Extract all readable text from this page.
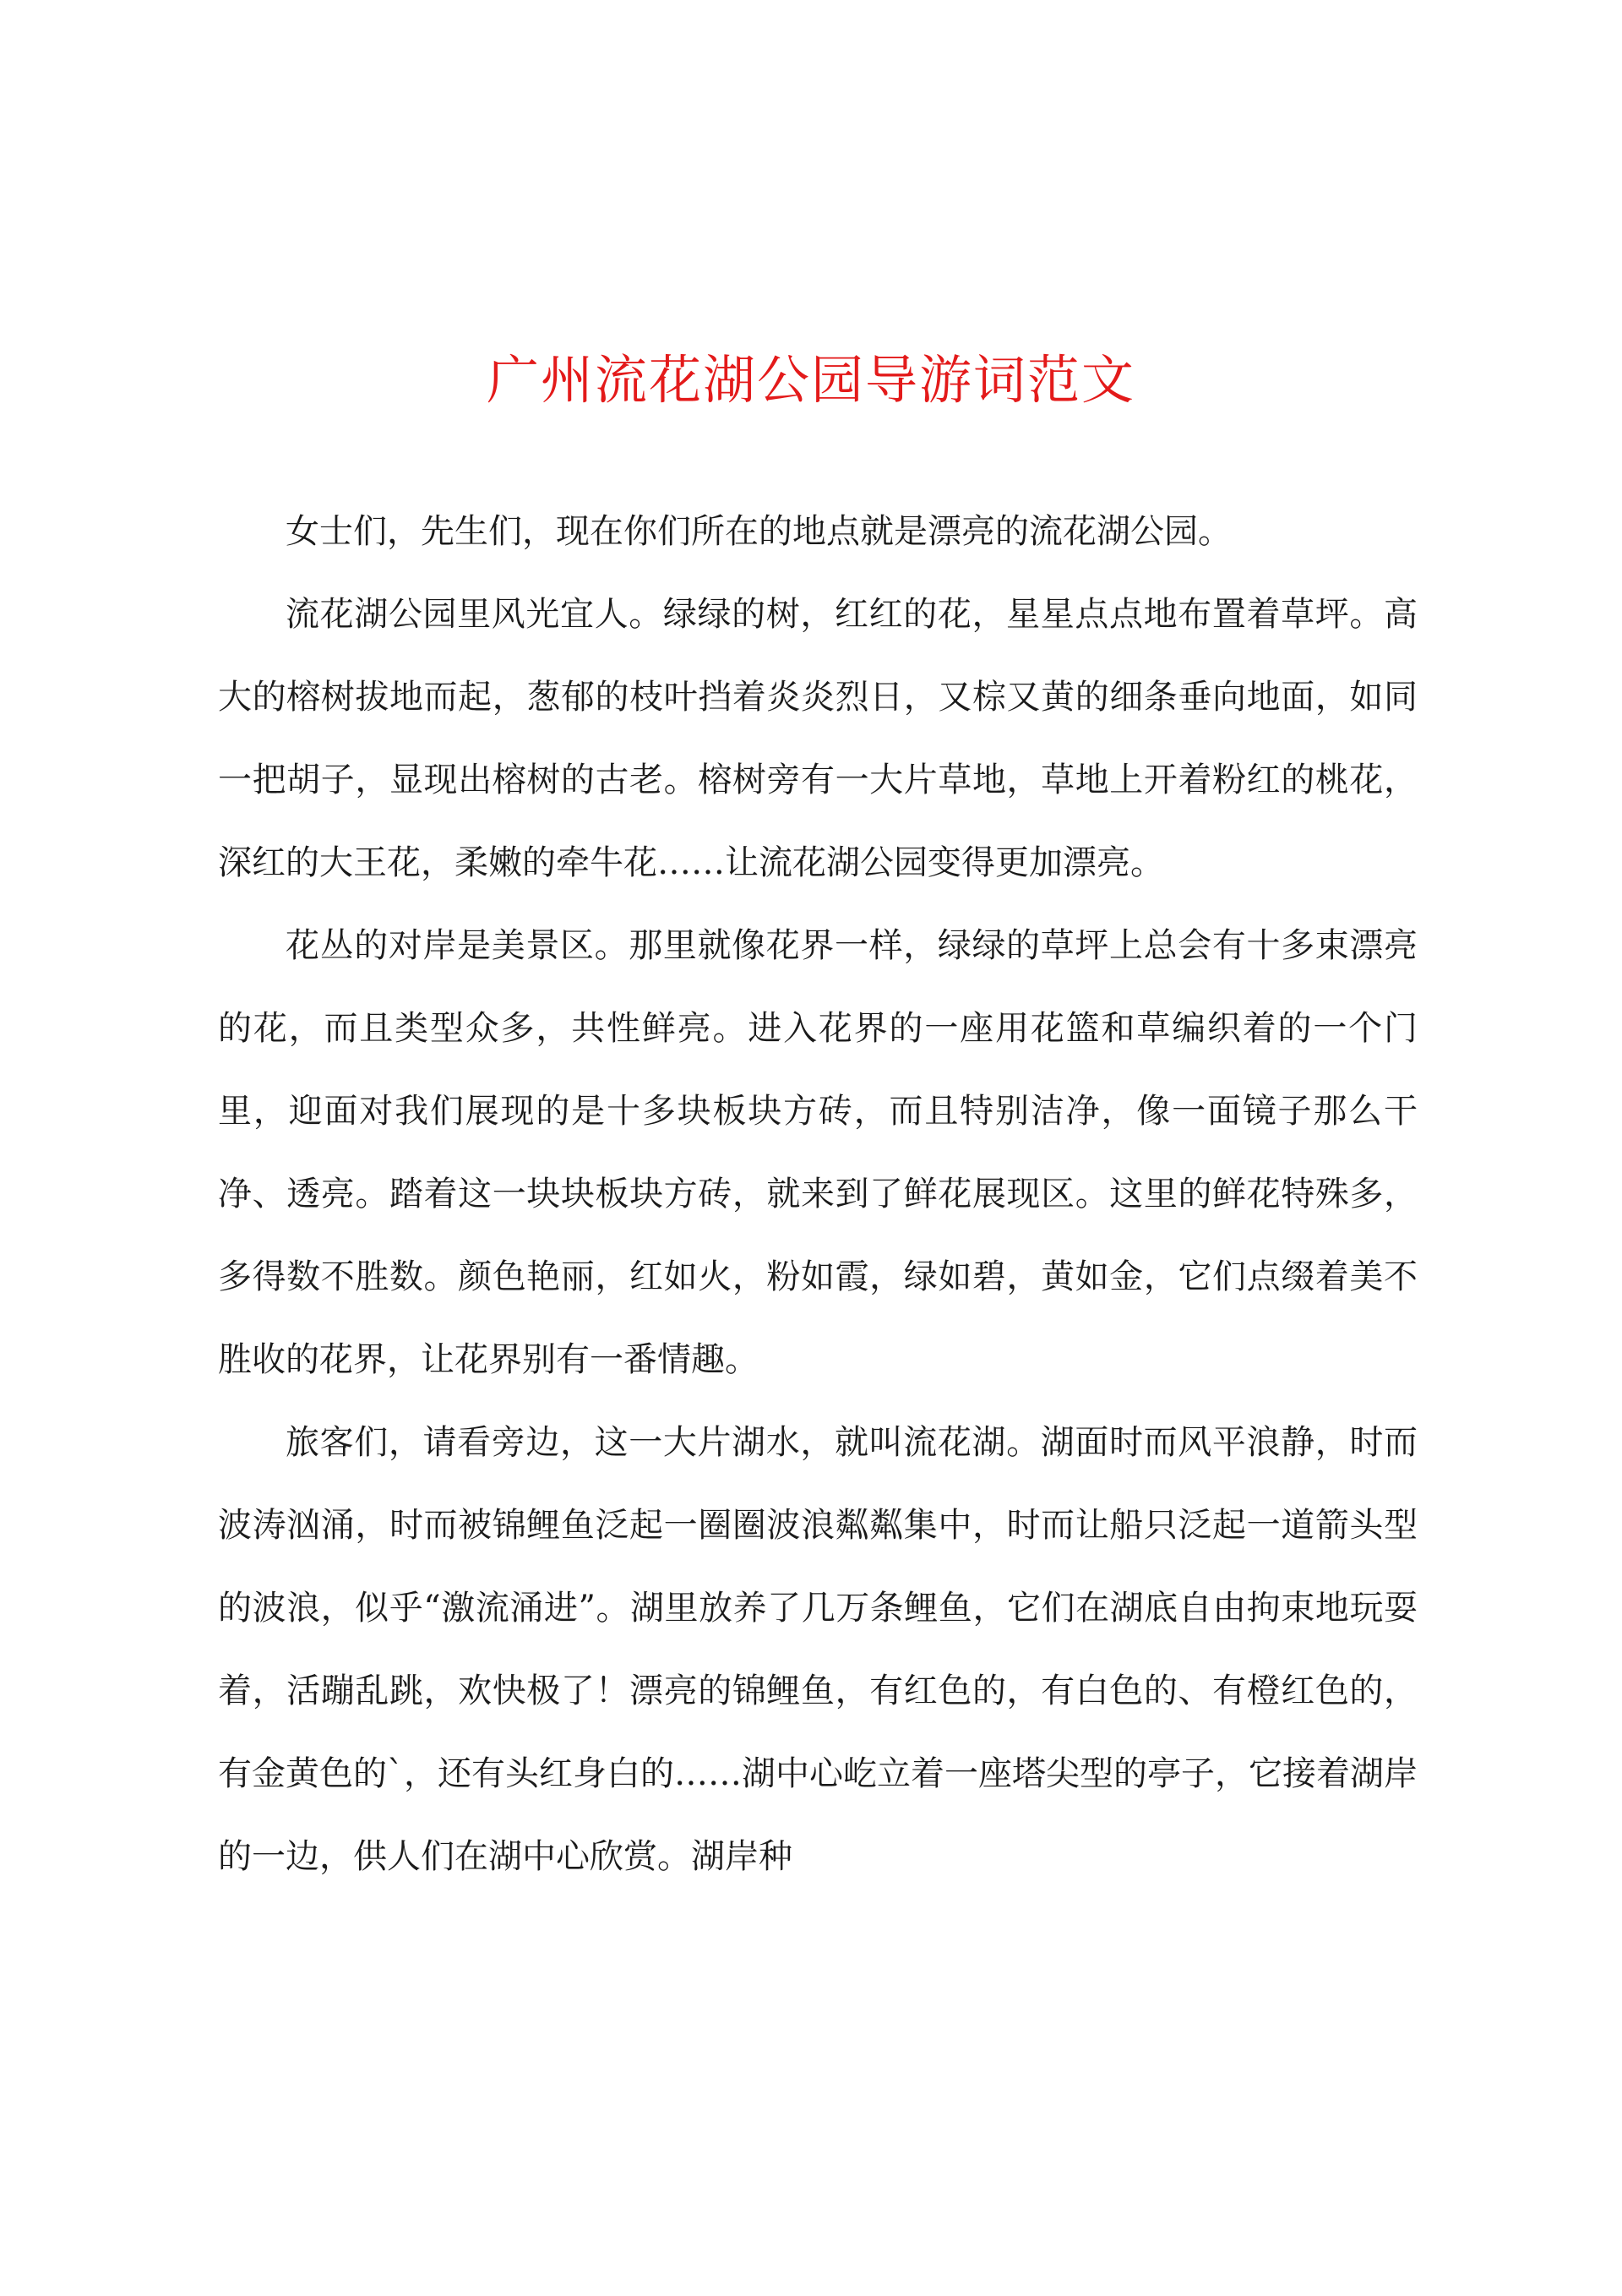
广州流花湖公园导游词范文

女士们，先生们，现在你们所在的地点就是漂亮的流花湖公园。

流花湖公园里风光宜人。绿绿的树，红红的花，星星点点地布置着草坪。高大的榕树拔地而起，葱郁的枝叶挡着炎炎烈日，又棕又黄的细条垂向地面，如同一把胡子，显现出榕树的古老。榕树旁有一大片草地，草地上开着粉红的桃花，深红的大王花，柔嫩的牵牛花……让流花湖公园变得更加漂亮。

花丛的对岸是美景区。那里就像花界一样，绿绿的草坪上总会有十多束漂亮的花，而且类型众多，共性鲜亮。进入花界的一座用花篮和草编织着的一个门里，迎面对我们展现的是十多块板块方砖，而且特别洁净，像一面镜子那么干净、透亮。踏着这一块块板块方砖，就来到了鲜花展现区。这里的鲜花特殊多，多得数不胜数。颜色艳丽，红如火，粉如霞，绿如碧，黄如金，它们点缀着美不胜收的花界，让花界别有一番情趣。

旅客们，请看旁边，这一大片湖水，就叫流花湖。湖面时而风平浪静，时而波涛汹涌，时而被锦鲤鱼泛起一圈圈波浪粼粼集中，时而让船只泛起一道箭头型的波浪，似乎“激流涌进”。湖里放养了几万条鲤鱼，它们在湖底自由拘束地玩耍着，活蹦乱跳，欢快极了！漂亮的锦鲤鱼，有红色的，有白色的、有橙红色的，有金黄色的`，还有头红身白的……湖中心屹立着一座塔尖型的亭子，它接着湖岸的一边，供人们在湖中心欣赏。湖岸种
